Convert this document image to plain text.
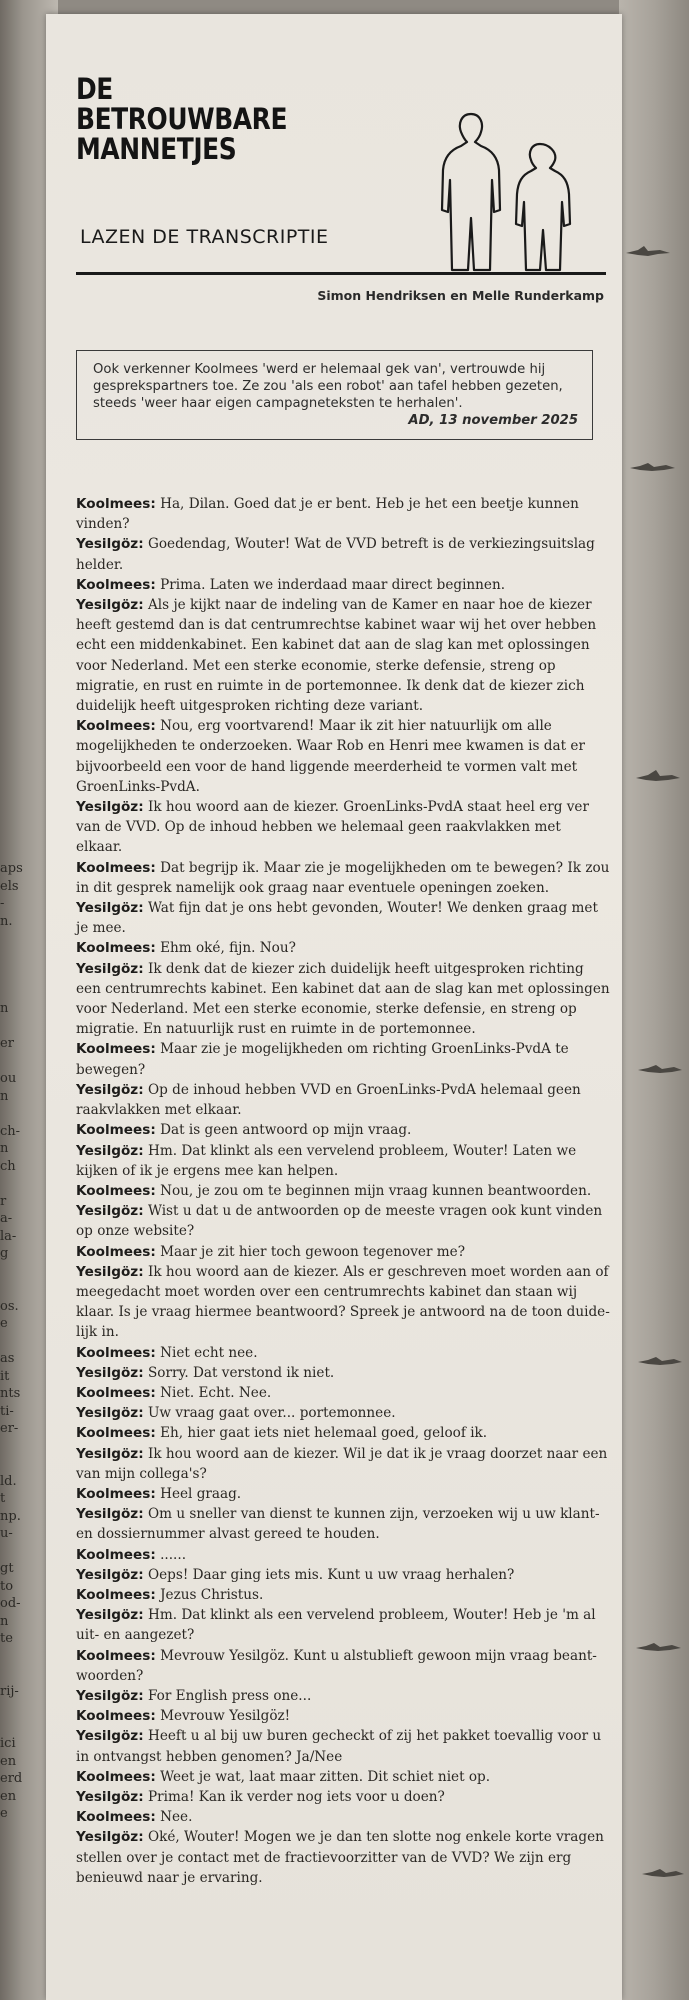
aps
els
-
n.

n

er

ou
n

ch-
n
ch

r
a-
la-
g

os.
e

as
it
nts
ti-
er-

ld.
t
np.
u-

gt
to
od-
n
te

rij-

ici
en
erd
en
e
DE
BETROUWBARE
MANNETJES
LAZEN DE TRANSCRIPTIE
Simon Hendriksen en Melle Runderkamp
Ook verkenner Koolmees 'werd er helemaal gek van', vertrouwde hij gesprekspartners toe. Ze zou 'als een robot' aan tafel hebben gezeten, steeds 'weer haar eigen campagneteksten te herhalen'.
AD, 13 november 2025

Koolmees: Ha, Dilan. Goed dat je er bent. Heb je het een beetje kunnen vinden?

Yesilgöz: Goedendag, Wouter! Wat de VVD betreft is de verkiezingsuitslag helder.

Koolmees: Prima. Laten we inderdaad maar direct beginnen.

Yesilgöz: Als je kijkt naar de indeling van de Kamer en naar hoe de kiezer heeft gestemd dan is dat centrumrechtse kabinet waar wij het over hebben echt een middenkabinet. Een kabinet dat aan de slag kan met oplossingen voor Nederland. Met een sterke economie, sterke defensie, streng op migratie, en rust en ruimte in de portemonnee. Ik denk dat de kiezer zich duidelijk heeft uitgesproken richting deze variant.

Koolmees: Nou, erg voortvarend! Maar ik zit hier natuurlijk om alle mogelijkheden te onderzoeken. Waar Rob en Henri mee kwamen is dat er bijvoorbeeld een voor de hand liggende meerderheid te vormen valt met GroenLinks-PvdA.

Yesilgöz: Ik hou woord aan de kiezer. GroenLinks-PvdA staat heel erg ver van de VVD. Op de inhoud hebben we helemaal geen raakvlakken met elkaar.

Koolmees: Dat begrijp ik. Maar zie je mogelijkheden om te bewegen? Ik zou in dit gesprek namelijk ook graag naar eventuele openingen zoeken.

Yesilgöz: Wat fijn dat je ons hebt gevonden, Wouter! We denken graag met je mee.

Koolmees: Ehm oké, fijn. Nou?

Yesilgöz: Ik denk dat de kiezer zich duidelijk heeft uitgesproken richting een centrumrechts kabinet. Een kabinet dat aan de slag kan met oplossingen voor Nederland. Met een sterke economie, sterke defensie, en streng op migratie. En natuurlijk rust en ruimte in de portemonnee.

Koolmees: Maar zie je mogelijkheden om richting GroenLinks-PvdA te bewegen?

Yesilgöz: Op de inhoud hebben VVD en GroenLinks-PvdA helemaal geen raakvlakken met elkaar.

Koolmees: Dat is geen antwoord op mijn vraag.

Yesilgöz: Hm. Dat klinkt als een vervelend probleem, Wouter! Laten we kijken of ik je ergens mee kan helpen.

Koolmees: Nou, je zou om te beginnen mijn vraag kunnen beantwoorden.

Yesilgöz: Wist u dat u de antwoorden op de meeste vragen ook kunt vinden op onze website?

Koolmees: Maar je zit hier toch gewoon tegenover me?

Yesilgöz: Ik hou woord aan de kiezer. Als er geschreven moet worden aan of meegedacht moet worden over een centrumrechts kabinet dan staan wij klaar. Is je vraag hiermee beantwoord? Spreek je antwoord na de toon duide-lijk in.

Koolmees: Niet echt nee.

Yesilgöz: Sorry. Dat verstond ik niet.

Koolmees: Niet. Echt. Nee.

Yesilgöz: Uw vraag gaat over... portemonnee.

Koolmees: Eh, hier gaat iets niet helemaal goed, geloof ik.

Yesilgöz: Ik hou woord aan de kiezer. Wil je dat ik je vraag doorzet naar een van mijn collega's?

Koolmees: Heel graag.

Yesilgöz: Om u sneller van dienst te kunnen zijn, verzoeken wij u uw klant- en dossiernummer alvast gereed te houden.

Koolmees: ......

Yesilgöz: Oeps! Daar ging iets mis. Kunt u uw vraag herhalen?

Koolmees: Jezus Christus.

Yesilgöz: Hm. Dat klinkt als een vervelend probleem, Wouter! Heb je 'm al uit- en aangezet?

Koolmees: Mevrouw Yesilgöz. Kunt u alstublieft gewoon mijn vraag beant-woorden?

Yesilgöz: For English press one...

Koolmees: Mevrouw Yesilgöz!

Yesilgöz: Heeft u al bij uw buren gecheckt of zij het pakket toevallig voor u in ontvangst hebben genomen? Ja/Nee

Koolmees: Weet je wat, laat maar zitten. Dit schiet niet op.

Yesilgöz: Prima! Kan ik verder nog iets voor u doen?

Koolmees: Nee.

Yesilgöz: Oké, Wouter! Mogen we je dan ten slotte nog enkele korte vragen stellen over je contact met de fractievoorzitter van de VVD? We zijn erg benieuwd naar je ervaring.
